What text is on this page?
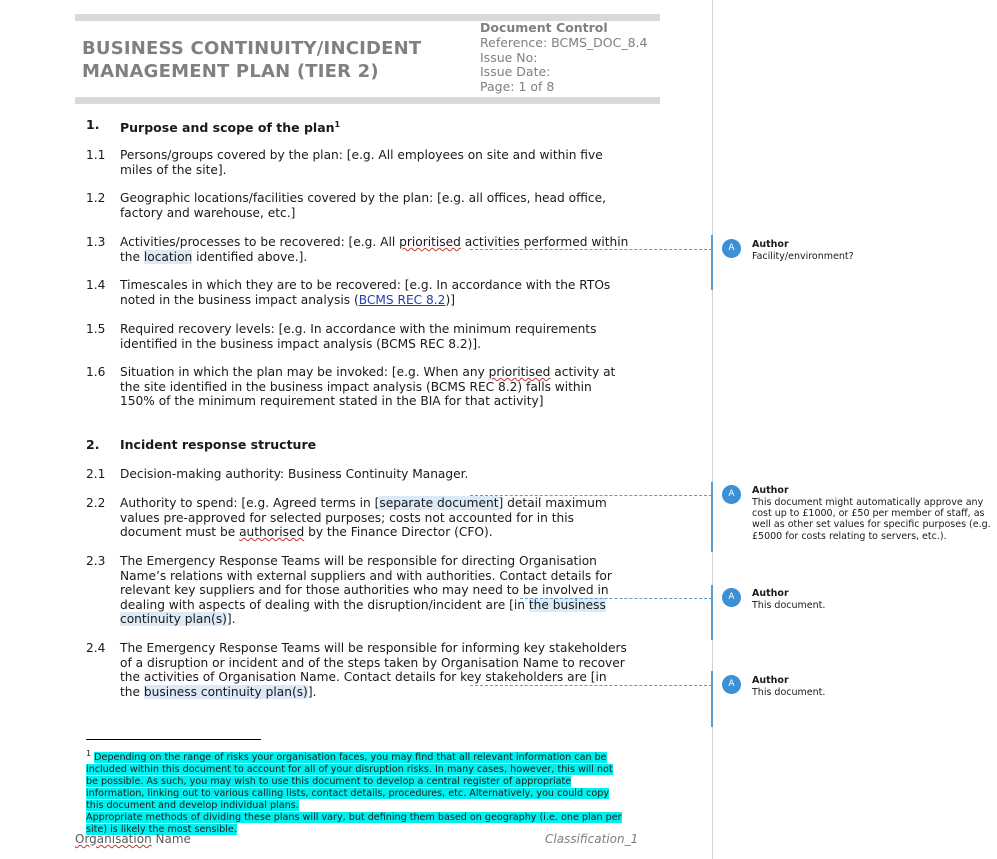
BUSINESS CONTINUITY/INCIDENT
MANAGEMENT PLAN (TIER 2)
Document Control
Reference: BCMS_DOC_8.4
Issue No:
Issue Date:
Page: 1 of 8
1. Purpose and scope of the plan$^1$
1.1 Persons/groups covered by the plan: [e.g. All employees on site and within five miles of the site].
1.2 Geographic locations/facilities covered by the plan: [e.g. all offices, head office, factory and warehouse, etc.]
1.3 Activities/processes to be recovered: [e.g. All prioritised activities performed within the location identified above.].
1.4 Timescales in which they are to be recovered: [e.g. In accordance with the RTOs noted in the business impact analysis (BCMS REC 8.2)]
1.5 Required recovery levels: [e.g. In accordance with the minimum requirements identified in the business impact analysis (BCMS REC 8.2)].
1.6 Situation in which the plan may be invoked: [e.g. When any prioritised activity at the site identified in the business impact analysis (BCMS REC 8.2) falls within 150% of the minimum requirement stated in the BIA for that activity]
2. Incident response structure
2.1 Decision-making authority: Business Continuity Manager.
2.2 Authority to spend: [e.g. Agreed terms in [separate document] detail maximum values pre-approved for selected purposes; costs not accounted for in this document must be authorised by the Finance Director (CFO).
2.3 The Emergency Response Teams will be responsible for directing Organisation Name’s relations with external suppliers and with authorities. Contact details for relevant key suppliers and for those authorities who may need to be involved in dealing with aspects of dealing with the disruption/incident are [in the business continuity plan(s)].
2.4 The Emergency Response Teams will be responsible for informing key stakeholders of a disruption or incident and of the steps taken by Organisation Name to recover the activities of Organisation Name. Contact details for key stakeholders are [in the business continuity plan(s)].
$^1$ Depending on the range of risks your organisation faces, you may find that all relevant information can be included within this document to account for all of your disruption risks. In many cases, however, this will not be possible. As such, you may wish to use this document to develop a central register of appropriate information, linking out to various calling lists, contact details, procedures, etc. Alternatively, you could copy this document and develop individual plans.
Appropriate methods of dividing these plans will vary, but defining them based on geography (i.e. one plan per site) is likely the most sensible.
Organisation Name	Classification_1
A	Author
Facility/environment?
A	Author
This document might automatically approve any cost up to £1000, or £50 per member of staff, as well as other set values for specific purposes (e.g. £5000 for costs relating to servers, etc.).
A	Author
This document.
A	Author
This document.
